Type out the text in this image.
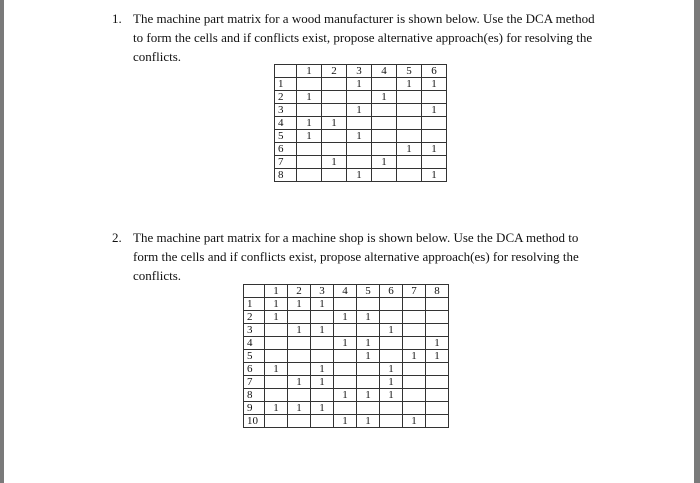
1. The machine part matrix for a wood manufacturer is shown below. Use the DCA method
to form the cells and if conflicts exist, propose alternative approach(es) for resolving the
conflicts.
	1	2	3	4	5	6
1			1		1	1
2	1			1		
3			1			1
4	1	1				
5	1		1			
6					1	1
7		1		1		
8			1			1
2. The machine part matrix for a machine shop is shown below. Use the DCA method to
form the cells and if conflicts exist, propose alternative approach(es) for resolving the
conflicts.
	1	2	3	4	5	6	7	8
1	1	1	1					
2	1			1	1			
3		1	1			1		
4				1	1			1
5					1		1	1
6	1		1			1		
7		1	1			1		
8				1	1	1		
9	1	1	1					
10				1	1		1	
